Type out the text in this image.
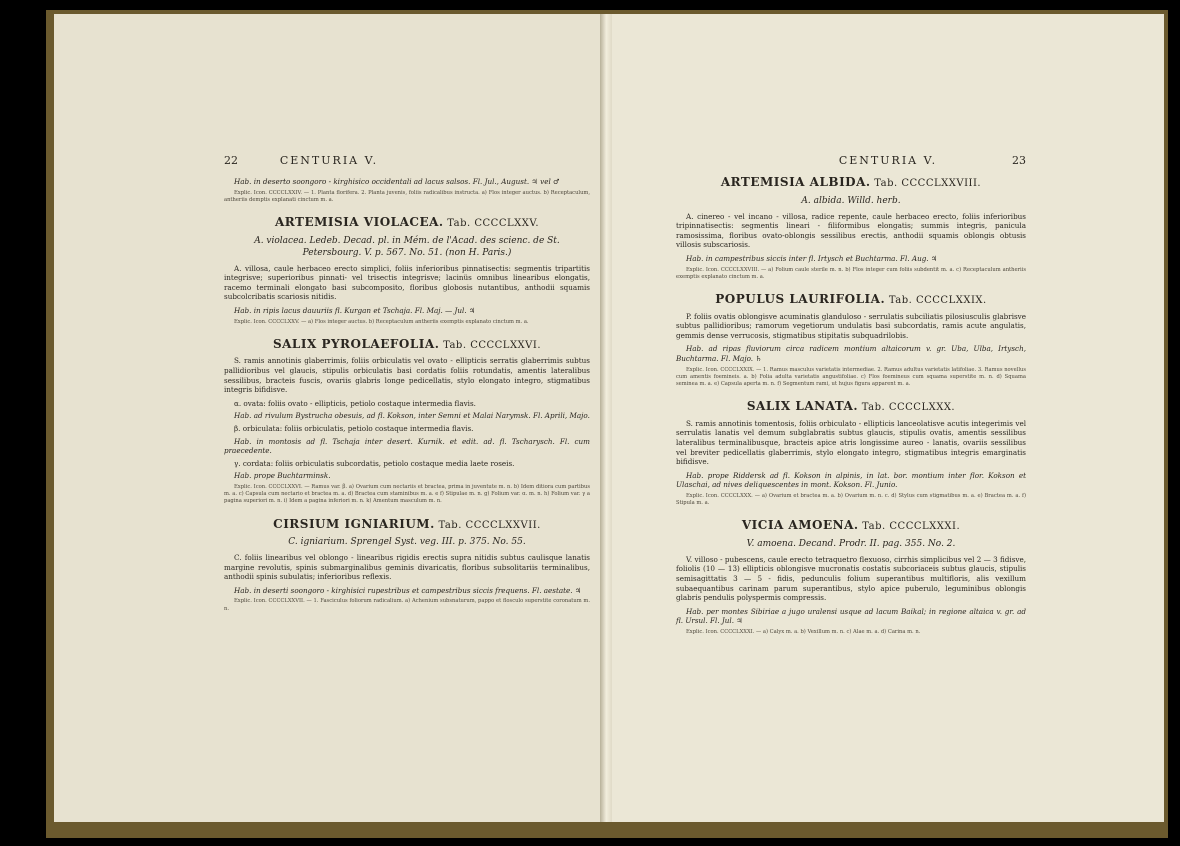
22	CENTURIA V.

Hab. in deserto soongoro - kirghisico occidentali ad lacus salsos. Fl. Jul., August. ♃ vel ♂

Explic. Icon. CCCCLXXIV. — 1. Planta florifera. 2. Planta juvenis, foliis radicalibus instructa. a) Flos integer auctus. b) Receptaculum, antheriis demptis explanati cinctum m. a.

ARTEMISIA VIOLACEA. Tab. CCCCLXXV.

A. violacea. Ledeb. Decad. pl. in Mém. de l'Acad. des scienc. de St. Petersbourg. V. p. 567. No. 51. (non H. Paris.)

A. villosa, caule herbaceo erecto simplici, foliis inferioribus pinnatisectis: segmentis tripartitis integrisve; superioribus pinnati- vel trisectis integrisve; lacinüs omnibus linearibus elongatis, racemo terminali elongato basi subcomposito, floribus globosis nutantibus, anthodii squamis subcolcribatis scariosis nitidis.

Hab. in ripis lacus dauuriis fl. Kurgan et Tschaja. Fl. Maj. — Jul. ♃

Explic. Icon. CCCCLXXV. — a) Flos integer auctus. b) Receptaculum antheriis exemptis explanato cinctum m. a.

SALIX PYROLAEFOLIA. Tab. CCCCLXXVI.

S. ramis annotinis glaberrimis, foliis orbiculatis vel ovato - ellipticis serratis glaberrimis subtus pallidioribus vel glaucis, stipulis orbiculatis basi cordatis foliis rotundatis, amentis lateralibus sessilibus, bracteis fuscis, ovariis glabris longe pedicellatis, stylo elongato integro, stigmatibus integris bifidisve.

α. ovata: foliis ovato - ellipticis, petiolo costaque intermedia flavis.

Hab. ad rivulum Bystrucha obesuis, ad fl. Kokson, inter Semni et Malai Narymsk. Fl. Aprili, Majo.

β. orbiculata: foliis orbiculatis, petiolo costaque intermedia flavis.

Hab. in montosis ad fl. Tschaja inter desert. Kurnik. et edit. ad. fl. Tscharysch. Fl. cum praecedente.

γ. cordata: foliis orbiculatis subcordatis, petiolo costaque media laete roseis.

Hab. prope Buchtarminsk.

Explic. Icon. CCCCLXXVI. — Ramus var. β. a) Ovarium cum nectariis et bractea, prima in juventute m. n. b) Idem ditiora cum partibus m. a. c) Capsula cum nectario et bractea m. a. d) Bractea cum staminibus m. a. e f) Stipulae m. n. g) Folium var. α. m. n. h) Folium var. γ a pagina superiori m. n. i) Idem a pagina inferiori m. n. k) Amentum masculum m. n.

CIRSIUM IGNIARIUM. Tab. CCCCLXXVII.

C. igniarium. Sprengel Syst. veg. III. p. 375. No. 55.

C. foliis linearibus vel oblongo - linearibus rigidis erectis supra nitidis subtus caulisque lanatis margine revolutis, spinis submarginalibus geminis divaricatis, floribus subsolitariis terminalibus, anthodii spinis subulatis; inferioribus reflexis.

Hab. in deserti soongoro - kirghisici rupestribus et campestribus siccis frequens. Fl. aestate. ♃

Explic. Icon. CCCCLXXVII. — 1. Fasciculus foliorum radicalium. a) Achenium subsnaturum, pappo et flosculo superstite coronatum m. n.

CENTURIA V.	23
ARTEMISIA ALBIDA. Tab. CCCCLXXVIII.

A. albida. Willd. herb.

A. cinereo - vel incano - villosa, radice repente, caule herbaceo erecto, foliis inferioribus tripinnatisectis: segmentis lineari - filiformibus elongatis; summis integris, panicula ramosissima, floribus ovato-oblongis sessilibus erectis, anthodii squamis oblongis obtusis villosis subscariosis.

Hab. in campestribus siccis inter fl. Irtysch et Buchtarma. Fl. Aug. ♃

Explic. Icon. CCCCLXXVIII. — a) Folium caule sterile m. n. b) Flos integer cum foliis subdentit m. a. c) Receptaculum antheriis exemptis explanato cinctum m. a.

POPULUS LAURIFOLIA. Tab. CCCCLXXIX.

P. foliis ovatis oblongisve acuminatis glanduloso - serrulatis subciliatis pilosiusculis glabrisve subtus pallidioribus; ramorum vegetiorum undulatis basi subcordatis, ramis acute angulatis, gemmis dense verrucosis, stigmatibus stipitatis subquadrilobis.

Hab. ad ripas fluviorum circa radicem montium altaicorum v. gr. Uba, Ulba, Irtysch, Buchtarma. Fl. Majo. ♄

Explic. Icon. CCCCLXXIX. — 1. Ramus masculus varietatis intermediae. 2. Ramus adultus varietatis latifoliae. 3. Ramus novellus cum amentis foemineis. a. b) Folia adulta varietatis angustifoliae. c) Flos foemineus cum squama superstite m. n. d) Squama seminea m. a. e) Capsula aperta m. n. f) Segmentum rami, ut hujus figura apparent m. a.

SALIX LANATA. Tab. CCCCLXXX.

S. ramis annotinis tomentosis, foliis orbiculato - ellipticis lanceolatisve acutis integerimis vel serrulatis lanatis vel demum subglabratis subtus glaucis, stipulis ovatis, amentis sessilibus lateralibus terminalibusque, bracteis apice atris longissime aureo - lanatis, ovariis sessilibus vel breviter pedicellatis glaberrimis, stylo elongato integro, stigmatibus integris emarginatis bifidisve.

Hab. prope Riddersk ad fl. Kokson in alpinis, in lat. bor. montium inter flor. Kokson et Ulaschai, ad nives deliquescentes in mont. Kokson. Fl. Junio.

Explic. Icon. CCCCLXXX. — a) Ovarium et bractea m. a. b) Ovarium m. n. c. d) Stylus cum stigmatibus m. a. e) Bractea m. a. f) Stipula m. a.

VICIA AMOENA. Tab. CCCCLXXXI.

V. amoena. Decand. Prodr. II. pag. 355. No. 2.

V. villoso - pubescens, caule erecto tetraquetro flexuoso, cirrhis simplicibus vel 2 — 3 fidisve, foliolis (10 — 13) ellipticis oblongisve mucronatis costatis subcoriaceis subtus glaucis, stipulis semisagittatis 3 — 5 - fidis, pedunculis folium superantibus multifloris, alis vexillum subaequantibus carinam parum superantibus, stylo apice puberulo, leguminibus oblongis glabris pendulis polyspermis compressis.

Hab. per montes Sibiriae a jugo uralensi usque ad lacum Baikal; in regione altaica v. gr. ad fl. Ursul. Fl. Jul. ♃

Explic. Icon. CCCCLXXXI. — a) Calyx m. a. b) Vexillum m. n. c) Alae m. a. d) Carina m. n.
